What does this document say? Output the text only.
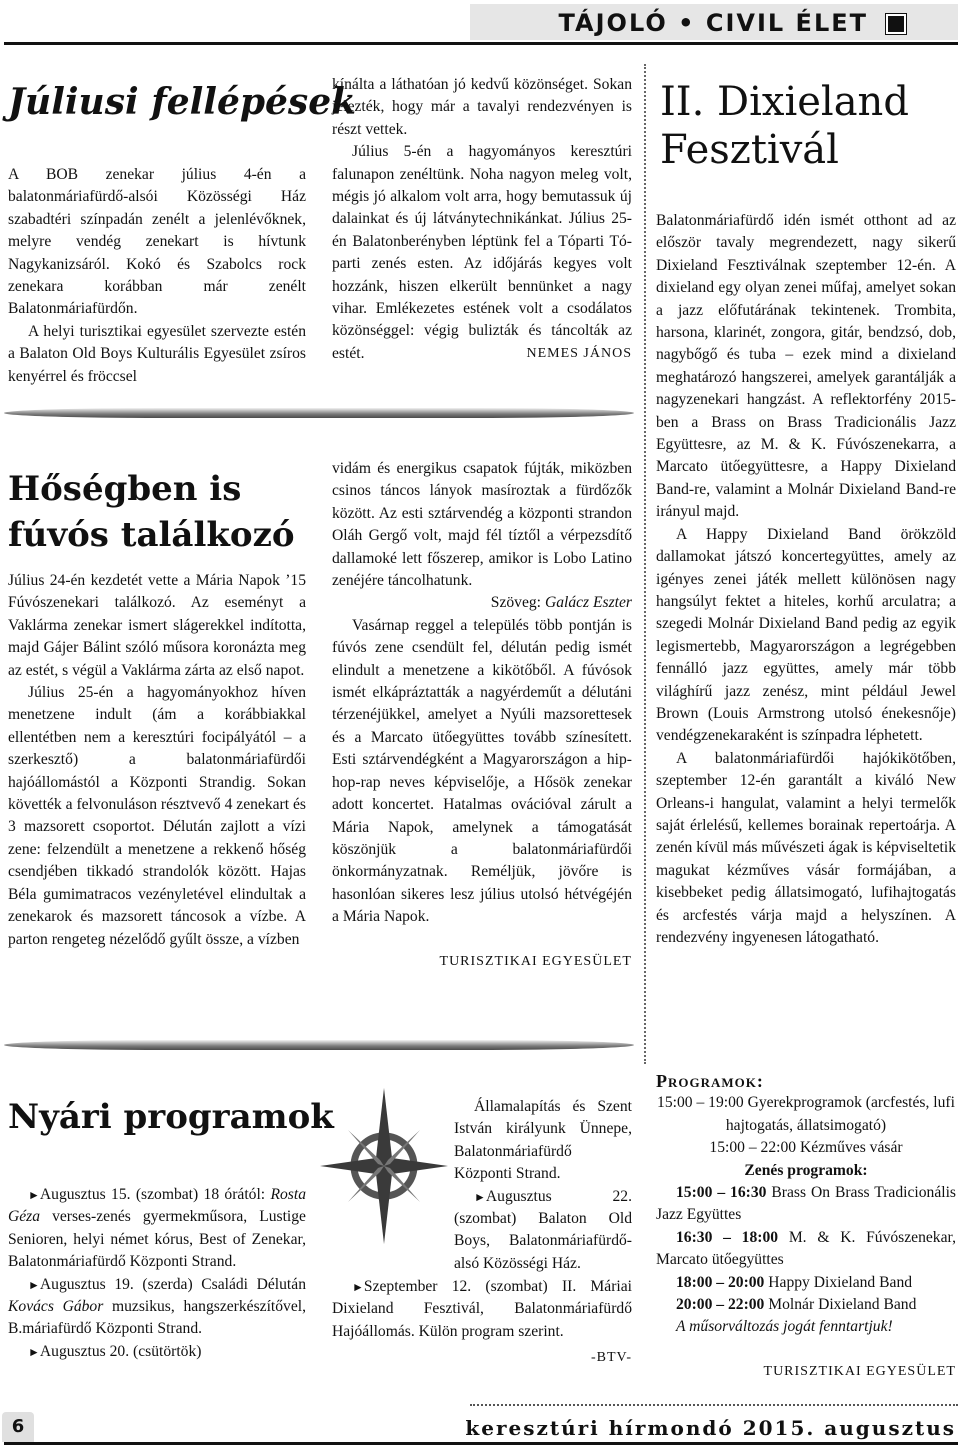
TÁJOLÓ • CIVIL ÉLET
Júliusi fellépések
Hőségben is fúvós találkozó
Nyári programok
II. Dixieland Fesztivál

A BOB zenekar július 4-én a balatonmáriafürdő-alsói Közösségi Ház szabadtéri színpadán zenélt a jelenlévőknek, melyre vendég zenekart is hívtunk Nagykanizsáról. Kokó és Szabolcs rock zenekara korábban már zenélt Balatonmáriafürdőn.

A helyi turisztikai egyesület szervezte estén a Balaton Old Boys Kulturális Egyesület zsíros kenyérrel és fröccsel

Július 24-én kezdetét vette a Mária Napok ’15 Fúvószenekari találkozó. Az eseményt a Vaklárma zenekar ismert slágerekkel indította, majd Gájer Bálint szóló műsora koronázta meg az estét, s végül a Vaklárma zárta az első napot.

Július 25-én a hagyományokhoz híven menetzene indult (ám a korábbiakkal ellentétben nem a keresztúri focipályától – a szerkesztő) a balatonmáriafürdői hajóállomástól a Központi Strandig. Sokan követték a felvonuláson résztvevő 4 zenekart és 3 mazsorett csoportot. Délután zajlott a vízi zene: felzendült a menetzene a rekkenő hőség csendjében tikkadó strandolók között. Hajas Béla gumimatracos vezényletével elindultak a zenekarok és mazsorett táncosok a vízbe. A parton rengeteg nézelődő gyűlt össze, a vízben

►Augusztus 15. (szombat) 18 órától: Rosta Géza verses-zenés gyermekműsora, Lustige Senioren, helyi német kórus, Best of Zenekar, Balatonmáriafürdő Központi Strand.

►Augusztus 19. (szerda) Családi Délután Kovács Gábor muzsikus, hangszerkészítővel, B.máriafürdő Központi Strand.

►Augusztus 20. (csütörtök)

kínálta a láthatóan jó kedvű közönséget. Sokan jelezték, hogy már a tavalyi rendezvényen is részt vettek.

Július 5-én a hagyományos keresztúri falunapon zenéltünk. Noha nagyon meleg volt, mégis jó alkalom volt arra, hogy bemutassuk új dalainkat és új látványtechnikánkat. Július 25-én Balatonberényben léptünk fel a Tóparti Tó-parti zenés esten. Az időjárás kegyes volt hozzánk, hiszen elkerült bennünket a nagy vihar. Emlékezetes estének volt a csodálatos közönséggel: végig bulizták és táncolták az estét.	NEMES JÁNOS

vidám és energikus csapatok fújták, miközben csinos táncos lányok masíroztak a fürdőzők között. Az esti sztárvendég a központi strandon Oláh Gergő volt, majd fél tíztől a vérpezsdítő dallamoké lett főszerep, amikor is Lobo Latino zenéjére táncolhatunk.

Szöveg: Galácz Eszter

Vasárnap reggel a település több pontján is fúvós zene csendült fel, délután pedig ismét elindult a menetzene a kikötőből. A fúvósok ismét elkápráztatták a nagyérdeműt a délutáni térzenéjükkel, amelyet a Nyúli mazsorettesek és a Marcato ütőegyüttes tovább színesített. Esti sztárvendégként a Magyarországon a hip-hop-rap neves képviselője, a Hősök zenekar adott koncertet. Hatalmas ovációval zárult a Mária Napok, amelynek a támogatását köszönjük a balatonmáriafürdői önkormányzatnak. Reméljük, jövőre is hasonlóan sikeres lesz július utolsó hétvégéjén a Mária Napok.

TURISZTIKAI EGYESÜLET

Államalapítás és Szent István királyunk Ünnepe, Balatonmáriafürdő Központi Strand.

►Augusztus 22. (szombat) Balaton Old Boys, Balatonmáriafürdő-alsó Közösségi Ház.

►Szeptember 12. (szombat) II. Máriai Dixieland Fesztivál, Balatonmáriafürdő Hajóállomás. Külön program szerint.

-BTV-

Balatonmáriafürdő idén ismét otthont ad az először tavaly megrendezett, nagy sikerű Dixieland Fesztiválnak szeptember 12-én. A dixieland egy olyan zenei műfaj, amelyet sokan a jazz előfutárának tekintenek. Trombita, harsona, klarinét, zongora, gitár, bendzsó, dob, nagybőgő és tuba – ezek mind a dixieland meghatározó hangszerei, amelyek garantálják a nagyzenekari hangzást. A reflektorfény 2015-ben a Brass on Brass Tradicionális Jazz Együttesre, az M. & K. Fúvószenekarra, a Marcato ütőegyüttesre, a Happy Dixieland Band-re, valamint a Molnár Dixieland Band-re irányul majd.

A Happy Dixieland Band örökzöld dallamokat játszó koncertegyüttes, amely az igényes zenei játék mellett különösen nagy hangsúlyt fektet a hiteles, korhű arculatra; a szegedi Molnár Dixieland Band pedig az egyik legismertebb, Magyarországon a legrégebben fennálló jazz együttes, amely már több világhírű jazz zenész, mint például Jewel Brown (Louis Armstrong utolsó énekesnője) vendégzenekaraként is színpadra léphetett.

A balatonmáriafürdői hajókikötőben, szeptember 12-én garantált a kiváló New Orleans-i hangulat, valamint a helyi termelők saját érlelésű, kellemes borainak repertoárja. A zenén kívül más művészeti ágak is képviseltetik magukat kézműves vásár formájában, a kisebbeket pedig állatsimogató, lufihajtogatás és arcfestés várja majd a helyszínen. A rendezvény ingyenesen látogatható.

Programok:

15:00 – 19:00 Gyerekprogramok (arcfestés, lufi hajtogatás, állatsimogató)

15:00 – 22:00 Kézműves vásár

Zenés programok:

15:00 – 16:30 Brass On Brass Tradicionális Jazz Együttes

16:30 – 18:00 M. & K. Fúvószenekar, Marcato ütőegyüttes

18:00 – 20:00 Happy Dixieland Band

20:00 – 22:00 Molnár Dixieland Band

A műsorváltozás jogát fenntartjuk!

TURISZTIKAI EGYESÜLET

6	keresztúri hírmondó 2015. augusztus
